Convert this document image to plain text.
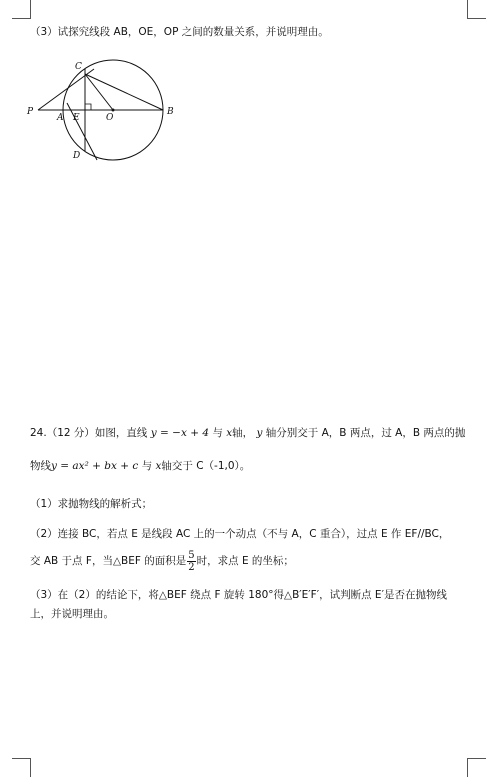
（3）试探究线段 AB，OE，OP 之间的数量关系，并说明理由。
C
P
A E	O
B
D
24.（12 分）如图，直线 y = −x + 4 与 x轴， y 轴分别交于 A，B 两点，过 A，B 两点的抛
物线y = ax² + bx + c 与 x轴交于 C（-1,0）。
（1）求抛物线的解析式；
（2）连接 BC，若点 E 是线段 AC 上的一个动点（不与 A，C 重合），过点 E 作 EF//BC，
交 AB 于点 F，当△BEF 的面积是 $\frac{5}{2}$ 时，求点 E 的坐标；
（3）在（2）的结论下，将△BEF 绕点 F 旋转 180°得△B′E′F′，试判断点 E′是否在抛物线
上，并说明理由。
